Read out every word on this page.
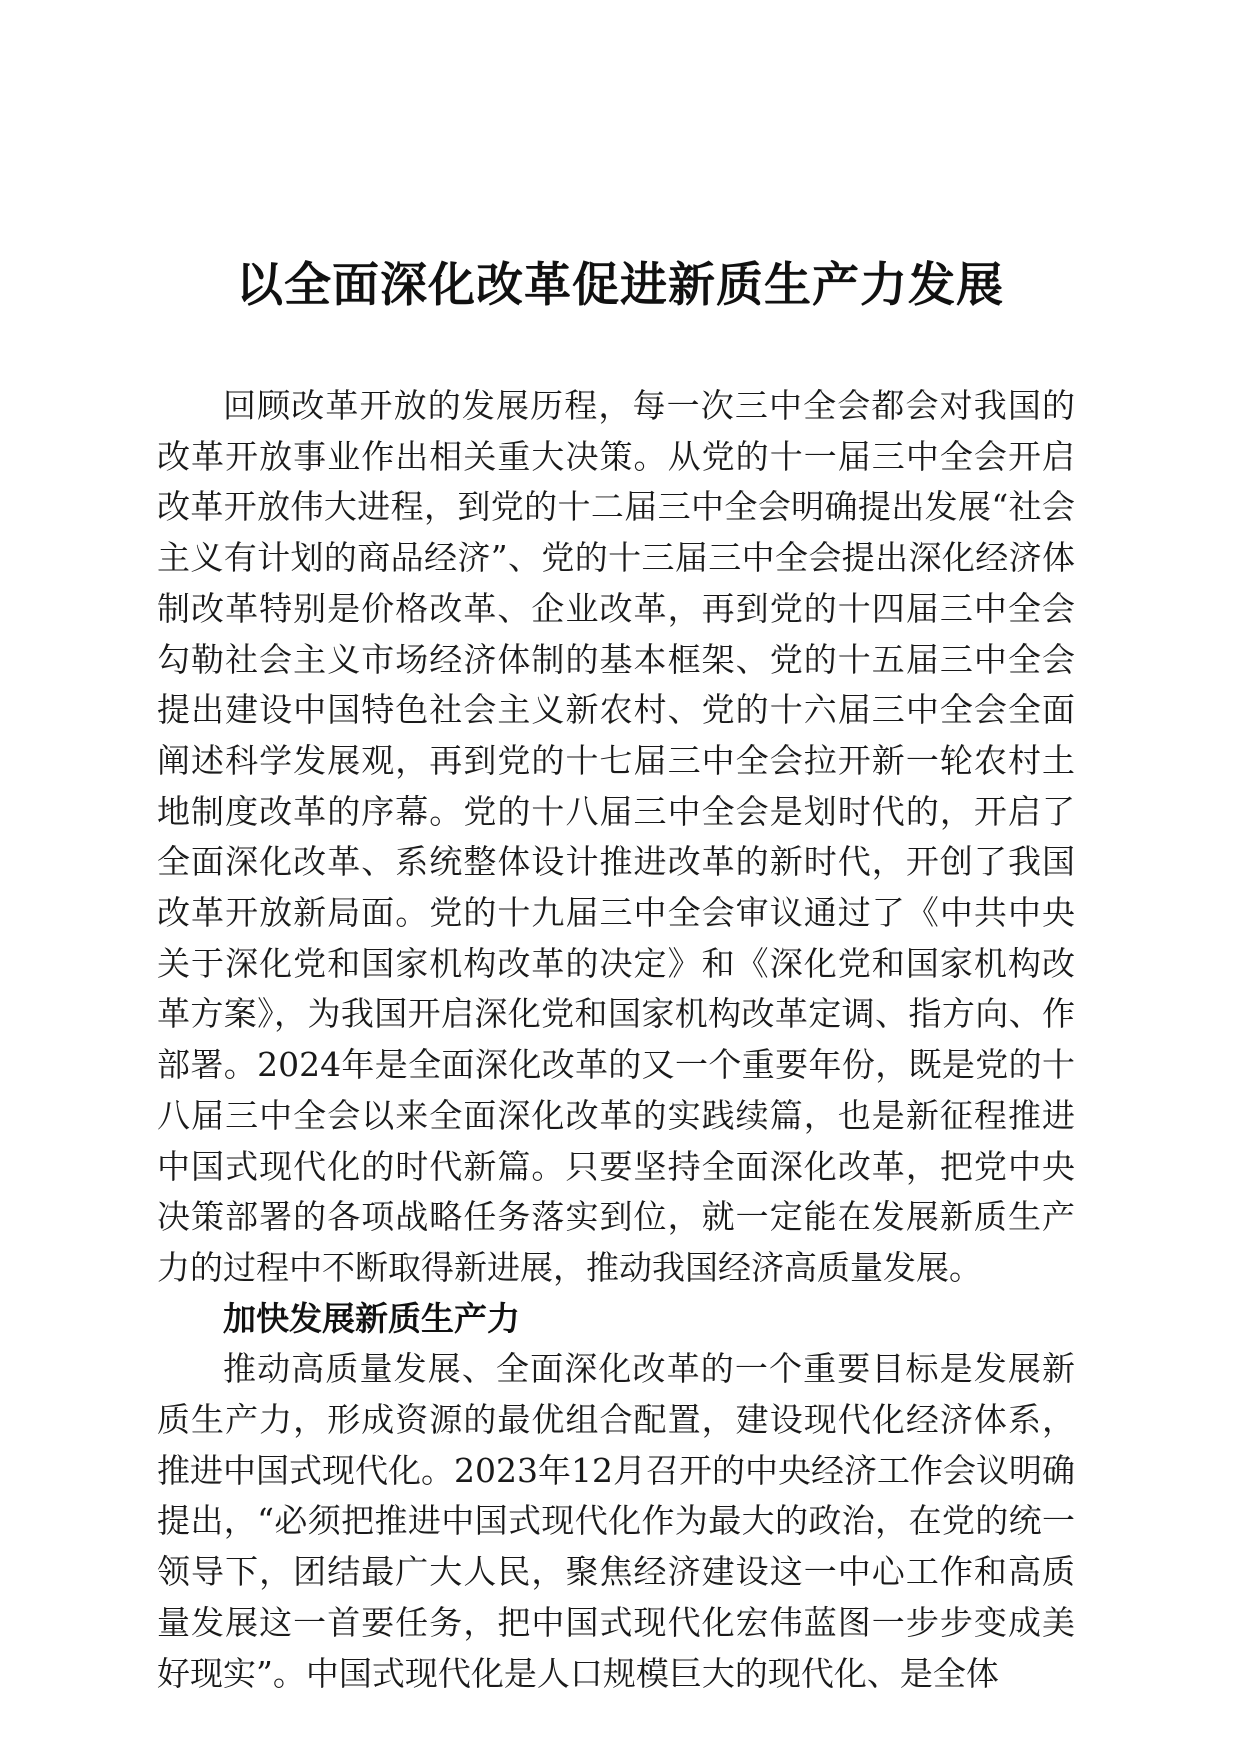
以全面深化改革促进新质生产力发展

回顾改革开放的发展历程，每一次三中全会都会对我国的改革开放事业作出相关重大决策。从党的十一届三中全会开启改革开放伟大进程，到党的十二届三中全会明确提出发展“社会主义有计划的商品经济”、党的十三届三中全会提出深化经济体制改革特别是价格改革、企业改革，再到党的十四届三中全会勾勒社会主义市场经济体制的基本框架、党的十五届三中全会提出建设中国特色社会主义新农村、党的十六届三中全会全面阐述科学发展观，再到党的十七届三中全会拉开新一轮农村土地制度改革的序幕。党的十八届三中全会是划时代的，开启了全面深化改革、系统整体设计推进改革的新时代，开创了我国改革开放新局面。党的十九届三中全会审议通过了《中共中央关于深化党和国家机构改革的决定》和《深化党和国家机构改革方案》，为我国开启深化党和国家机构改革定调、指方向、作部署。2024年是全面深化改革的又一个重要年份，既是党的十八届三中全会以来全面深化改革的实践续篇，也是新征程推进中国式现代化的时代新篇。只要坚持全面深化改革，把党中央决策部署的各项战略任务落实到位，就一定能在发展新质生产力的过程中不断取得新进展，推动我国经济高质量发展。

加快发展新质生产力

推动高质量发展、全面深化改革的一个重要目标是发展新质生产力，形成资源的最优组合配置，建设现代化经济体系，推进中国式现代化。2023年12月召开的中央经济工作会议明确提出，“必须把推进中国式现代化作为最大的政治，在党的统一领导下，团结最广大人民，聚焦经济建设这一中心工作和高质量发展这一首要任务，把中国式现代化宏伟蓝图一步步变成美好现实”。中国式现代化是人口规模巨大的现代化、是全体
